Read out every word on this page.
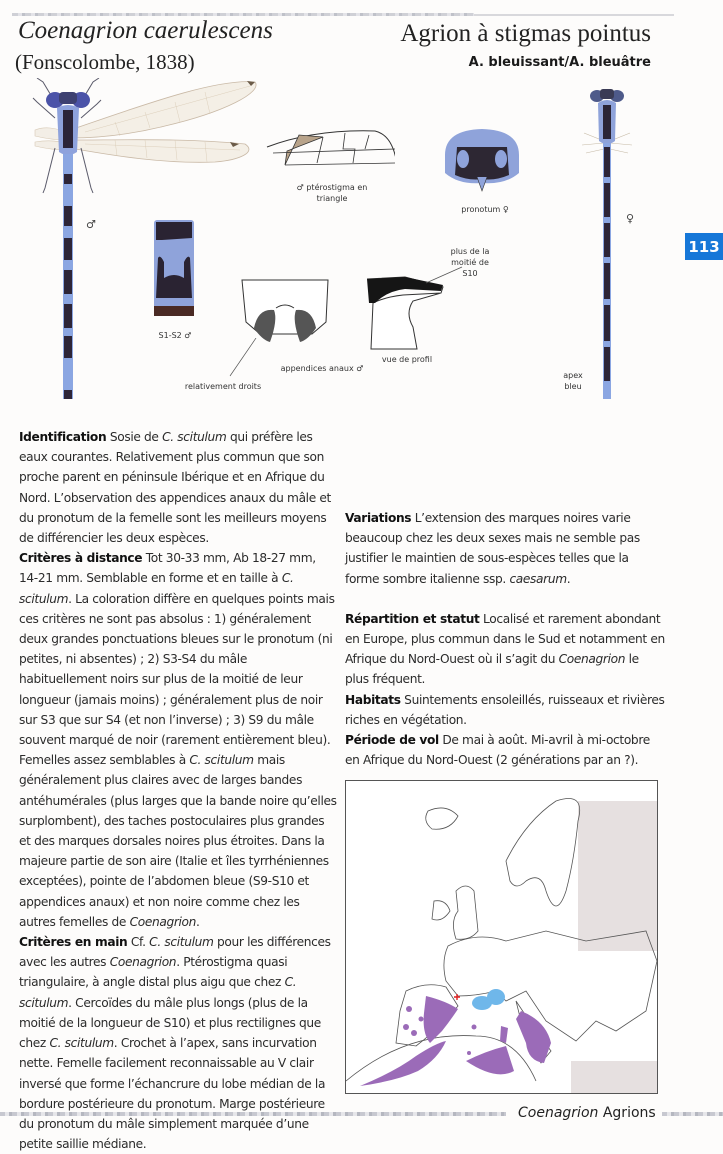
Coenagrion caerulescens
(Fonscolombe, 1838)
Agrion à stigmas pointus
A. bleuissant/A. bleuâtre
113
♂
♂ ptérostigma en
triangle
pronotum ♀
S1-S2 ♂
relativement droits
appendices anaux ♂
plus de la
moitié de
S10
vue de profil
♀
apex
bleu

Identification Sosie de C. scitulum qui préfère les eaux courantes. Relativement plus commun que son proche parent en péninsule Ibérique et en Afrique du Nord. L’observation des appendices anaux du mâle et du pronotum de la femelle sont les meilleurs moyens de différencier les deux espèces.

Critères à distance Tot 30-33 mm, Ab 18-27 mm, 14-21 mm. Semblable en forme et en taille à C. scitulum. La coloration diffère en quelques points mais ces critères ne sont pas absolus : 1) généralement deux grandes ponctuations bleues sur le pronotum (ni petites, ni absentes) ; 2) S3-S4 du mâle habituellement noirs sur plus de la moitié de leur longueur (jamais moins) ; généralement plus de noir sur S3 que sur S4 (et non l’inverse) ; 3) S9 du mâle souvent marqué de noir (rarement entièrement bleu). Femelles assez semblables à C. scitulum mais généralement plus claires avec de larges bandes antéhumérales (plus larges que la bande noire qu’elles surplombent), des taches postoculaires plus grandes et des marques dorsales noires plus étroites. Dans la majeure partie de son aire (Italie et îles tyrrhéniennes exceptées), pointe de l’abdomen bleue (S9-S10 et appendices anaux) et non noire comme chez les autres femelles de Coenagrion.

Critères en main Cf. C. scitulum pour les différences avec les autres Coenagrion. Ptérostigma quasi triangulaire, à angle distal plus aigu que chez C. scitulum. Cercoïdes du mâle plus longs (plus de la moitié de la longueur de S10) et plus rectilignes que chez C. scitulum. Crochet à l’apex, sans incurvation nette. Femelle facilement reconnaissable au V clair inversé que forme l’échancrure du lobe médian de la bordure postérieure du pronotum. Marge postérieure du pronotum du mâle simplement marquée d’une petite saillie médiane.

Variations L’extension des marques noires varie beaucoup chez les deux sexes mais ne semble pas justifier le maintien de sous-espèces telles que la forme sombre italienne ssp. caesarum.

Répartition et statut Localisé et rarement abondant en Europe, plus commun dans le Sud et notamment en Afrique du Nord-Ouest où il s’agit du Coenagrion le plus fréquent.

Habitats Suintements ensoleillés, ruisseaux et rivières riches en végétation.

Période de vol De mai à août. Mi-avril à mi-octobre en Afrique du Nord-Ouest (2 générations par an ?).

Coenagrion Agrions
